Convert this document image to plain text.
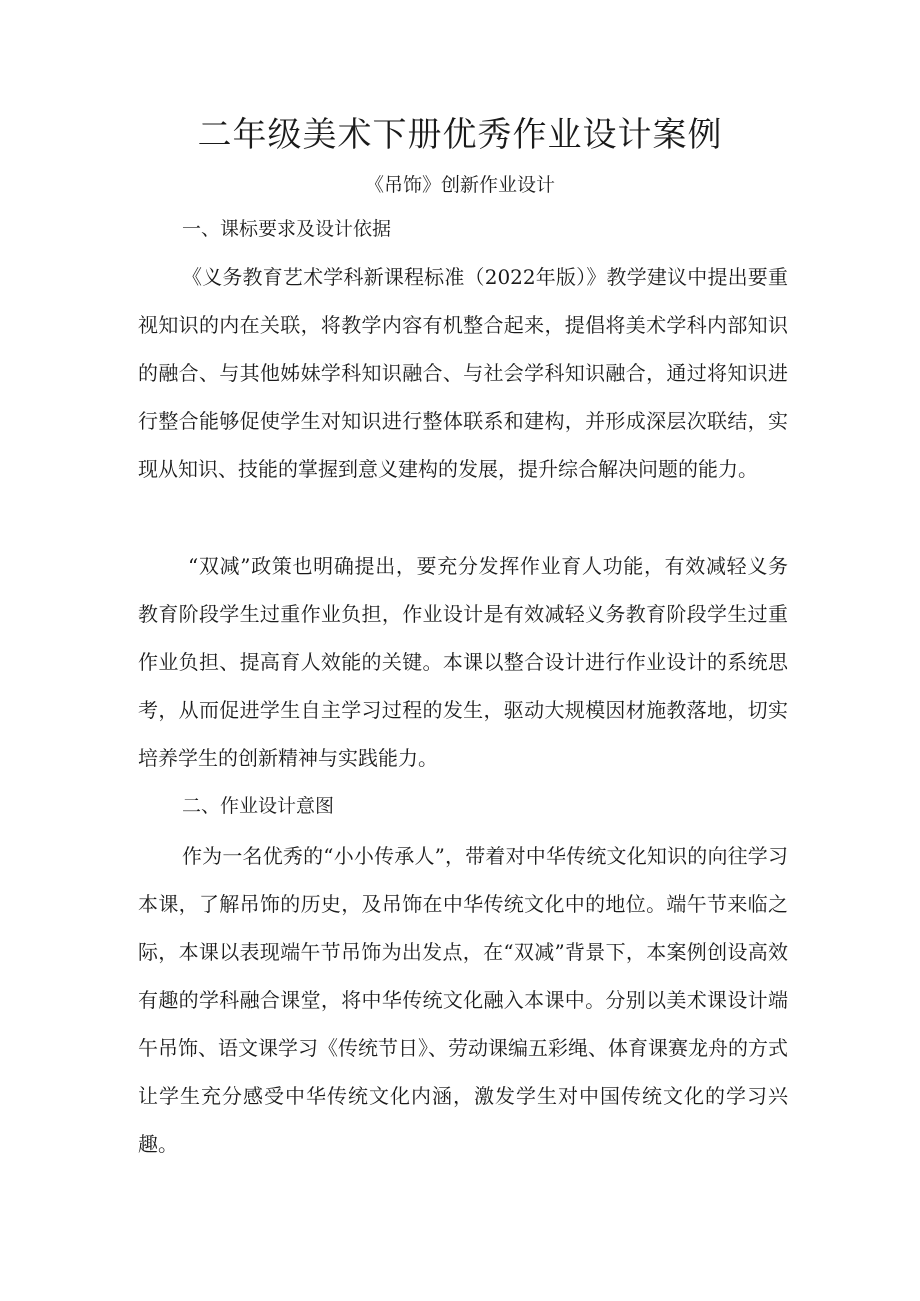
二年级美术下册优秀作业设计案例
《吊饰》创新作业设计
一、课标要求及设计依据

《义务教育艺术学科新课程标准（2022年版）》教学建议中提出要重视知识的内在关联，将教学内容有机整合起来，提倡将美术学科内部知识的融合、与其他姊妹学科知识融合、与社会学科知识融合，通过将知识进行整合能够促使学生对知识进行整体联系和建构，并形成深层次联结，实现从知识、技能的掌握到意义建构的发展，提升综合解决问题的能力。

“双减”政策也明确提出，要充分发挥作业育人功能，有效减轻义务教育阶段学生过重作业负担，作业设计是有效减轻义务教育阶段学生过重作业负担、提高育人效能的关键。本课以整合设计进行作业设计的系统思考，从而促进学生自主学习过程的发生，驱动大规模因材施教落地，切实培养学生的创新精神与实践能力。

二、作业设计意图

作为一名优秀的“小小传承人”，带着对中华传统文化知识的向往学习本课，了解吊饰的历史，及吊饰在中华传统文化中的地位。端午节来临之际，本课以表现端午节吊饰为出发点，在“双减”背景下，本案例创设高效有趣的学科融合课堂，将中华传统文化融入本课中。分别以美术课设计端午吊饰、语文课学习《传统节日》、劳动课编五彩绳、体育课赛龙舟的方式让学生充分感受中华传统文化内涵，激发学生对中国传统文化的学习兴趣。
